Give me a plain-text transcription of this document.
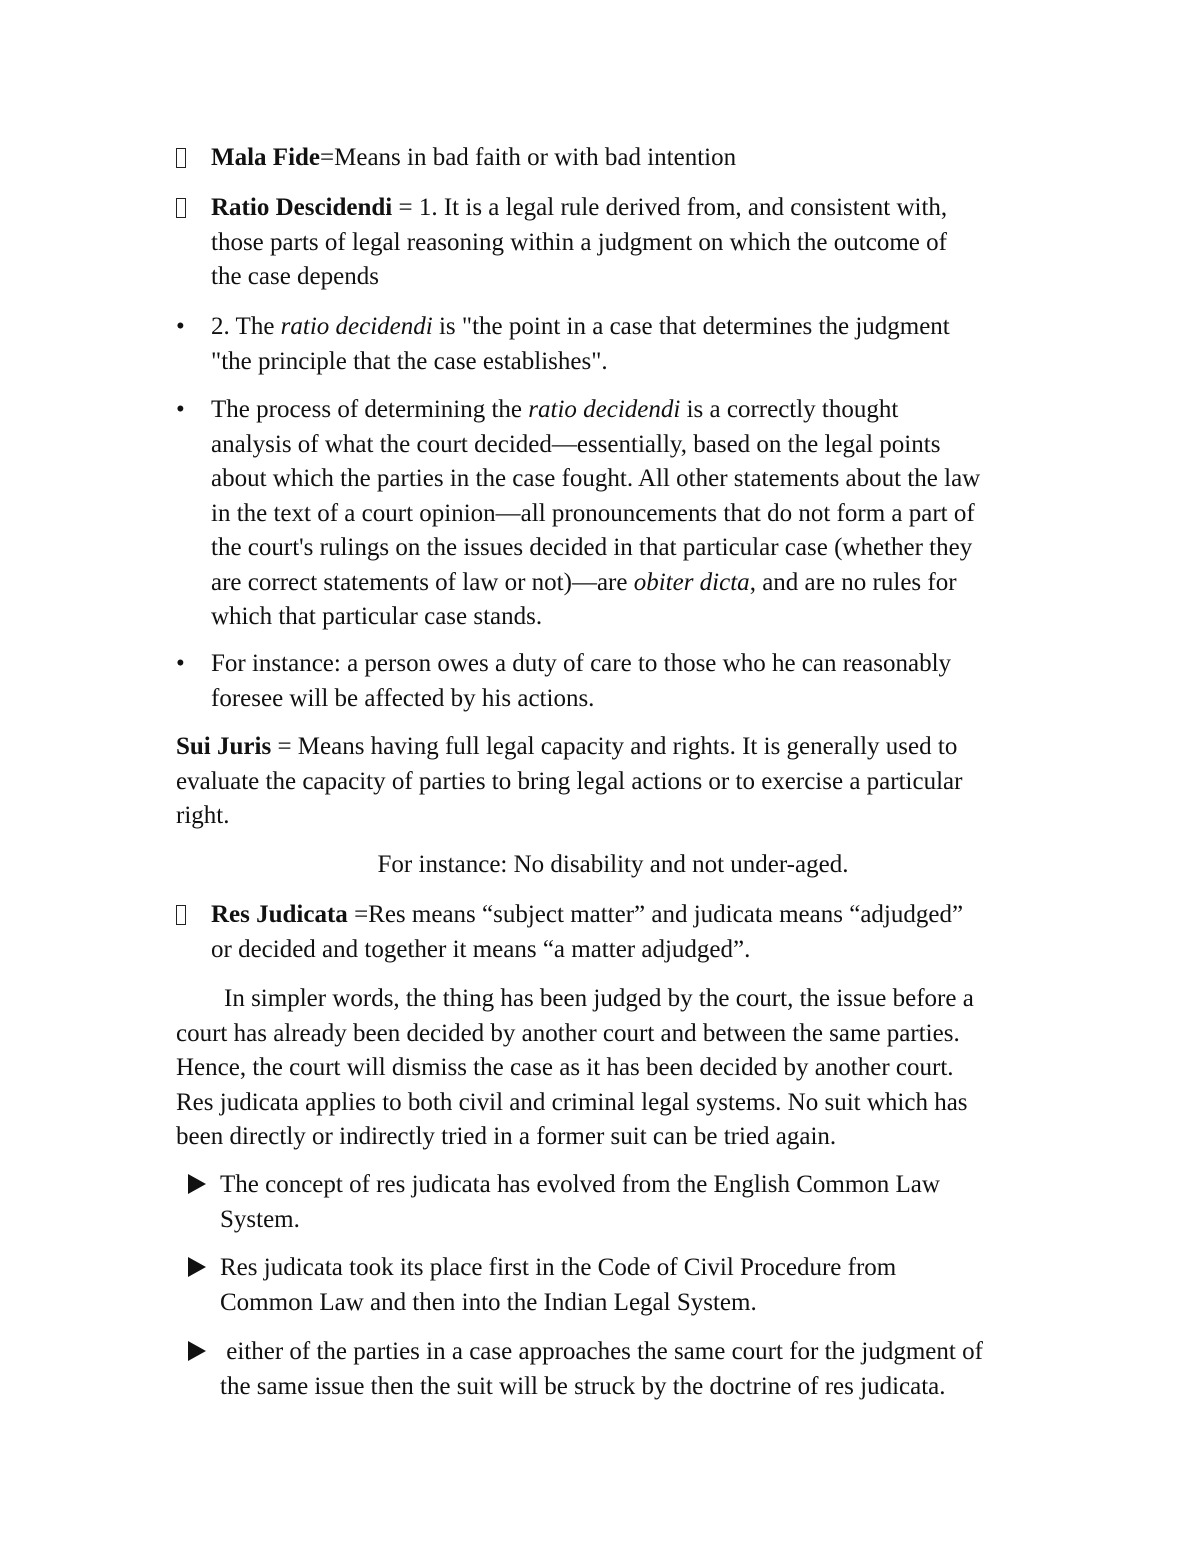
Mala Fide=Means in bad faith or with bad intention

Ratio Descidendi = 1. It is a legal rule derived from, and consistent with,
those parts of legal reasoning within a judgment on which the outcome of
the case depends
• 2. The ratio decidendi is "the point in a case that determines the judgment
"the principle that the case establishes".
• The process of determining the ratio decidendi is a correctly thought
analysis of what the court decided—essentially, based on the legal points
about which the parties in the case fought. All other statements about the law
in the text of a court opinion—all pronouncements that do not form a part of
the court's rulings on the issues decided in that particular case (whether they
are correct statements of law or not)—are obiter dicta, and are no rules for
which that particular case stands.
• For instance: a person owes a duty of care to those who he can reasonably
foresee will be affected by his actions.
Sui Juris = Means having full legal capacity and rights. It is generally used to
evaluate the capacity of parties to bring legal actions or to exercise a particular
right.

For instance: No disability and not under-aged.

Res Judicata =Res means “subject matter” and judicata means “adjudged”
or decided and together it means “a matter adjudged”.
In simpler words, the thing has been judged by the court, the issue before a
court has already been decided by another court and between the same parties.
Hence, the court will dismiss the case as it has been decided by another court.
Res judicata applies to both civil and criminal legal systems. No suit which has
been directly or indirectly tried in a former suit can be tried again.
The concept of res judicata has evolved from the English Common Law
System.
Res judicata took its place first in the Code of Civil Procedure from
Common Law and then into the Indian Legal System.
either of the parties in a case approaches the same court for the judgment of
the same issue then the suit will be struck by the doctrine of res judicata.
